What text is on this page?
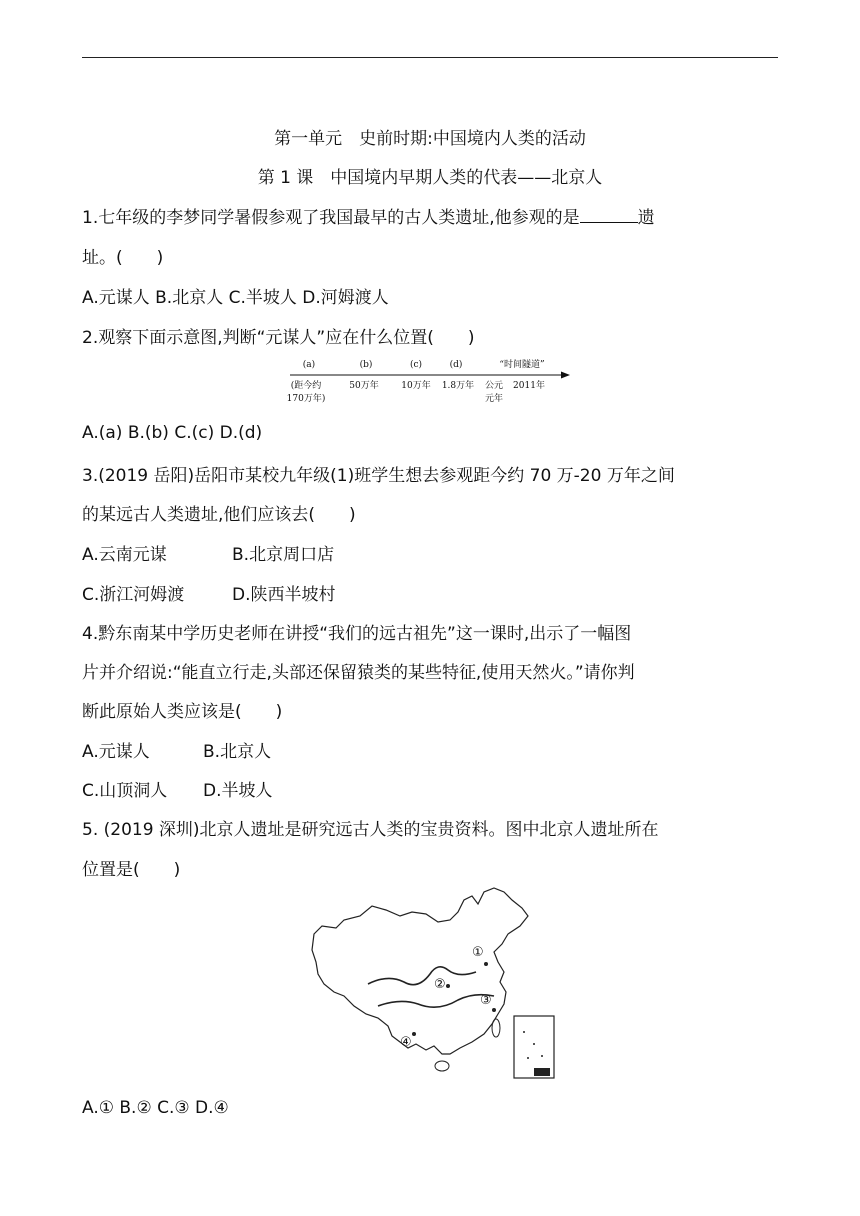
第一单元　史前时期:中国境内人类的活动
第 1 课　中国境内早期人类的代表——北京人
1.七年级的李梦同学暑假参观了我国最早的古人类遗址,他参观的是	遗
址。(　　)
A.元谋人 B.北京人 C.半坡人 D.河姆渡人
2.观察下面示意图,判断“元谋人”应在什么位置(　　)
(a)	(b)	(c)	(d)	“时间隧道”
(距今约
170万年)
50万年	10万年 1.8万年 公元
元年
2011年
A.(a) B.(b) C.(c) D.(d)
3.(2019 岳阳)岳阳市某校九年级(1)班学生想去参观距今约 70 万-20 万年之间
的某远古人类遗址,他们应该去(　　)
A.云南元谋	B.北京周口店
C.浙江河姆渡	D.陕西半坡村
4.黔东南某中学历史老师在讲授“我们的远古祖先”这一课时,出示了一幅图
片并介绍说:“能直立行走,头部还保留猿类的某些特征,使用天然火。”请你判
断此原始人类应该是(　　)
A.元谋人	B.北京人
C.山顶洞人 D.半坡人
5. (2019 深圳)北京人遗址是研究远古人类的宝贵资料。图中北京人遗址所在
位置是(　　)
①
②
③
④
A.① B.② C.③ D.④
